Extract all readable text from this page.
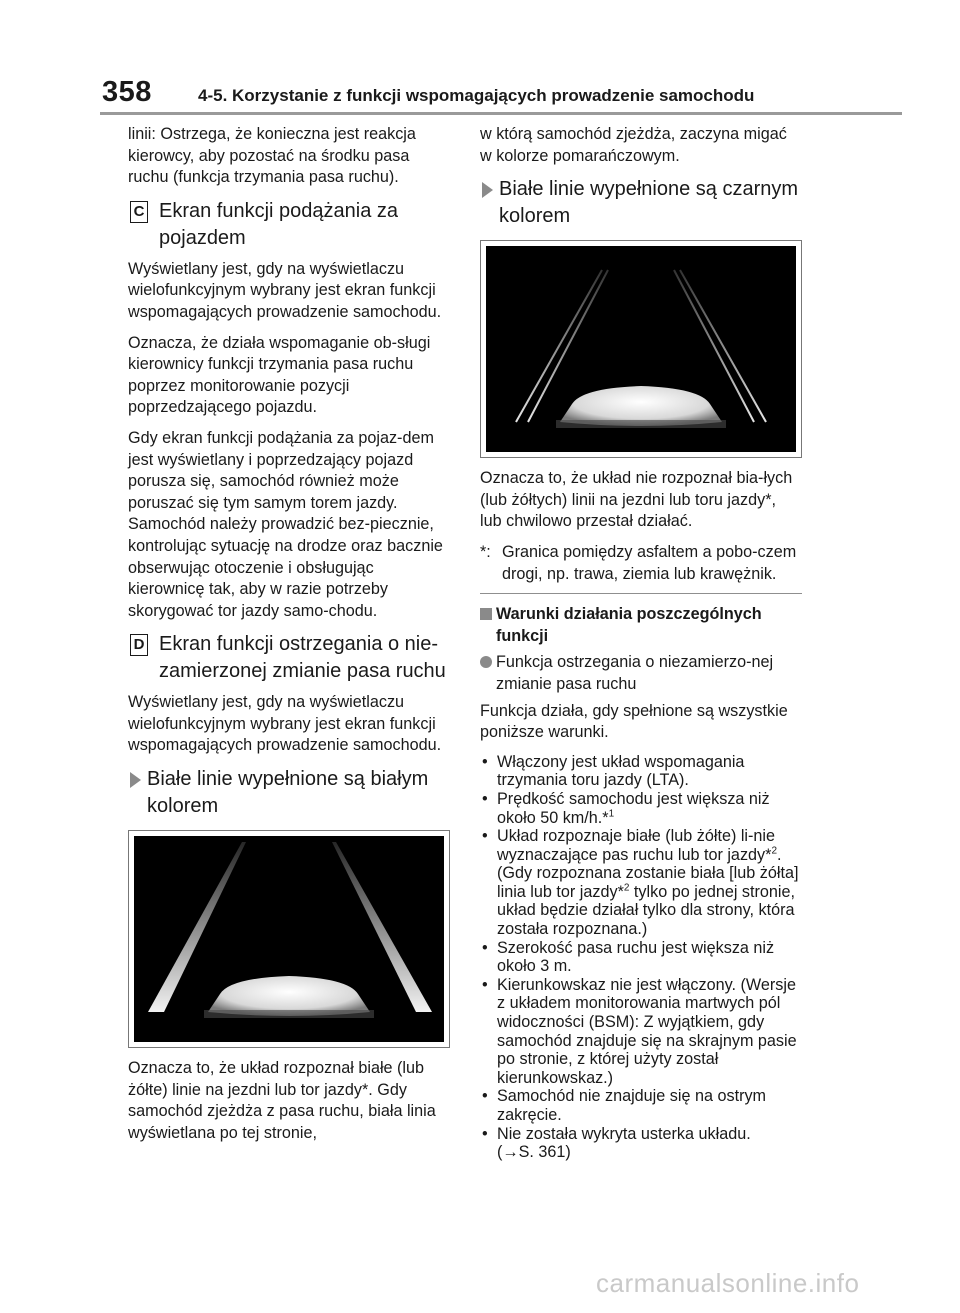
358	4-5. Korzystanie z funkcji wspomagających prowadzenie samochodu

linii: Ostrzega, że konieczna jest reakcja kierowcy, aby pozostać na środku pasa ruchu (funkcja trzymania pasa ruchu).

C Ekran funkcji podążania za pojazdem

Wyświetlany jest, gdy na wyświetlaczu wielofunkcyjnym wybrany jest ekran funkcji wspomagających prowadzenie samochodu.

Oznacza, że działa wspomaganie ob-sługi kierownicy funkcji trzymania pasa ruchu poprzez monitorowanie pozycji poprzedzającego pojazdu.

Gdy ekran funkcji podążania za pojaz-dem jest wyświetlany i poprzedzający pojazd porusza się, samochód również może poruszać się tym samym torem jazdy. Samochód należy prowadzić bez-piecznie, kontrolując sytuację na drodze oraz bacznie obserwując otoczenie i obsługując kierownicę tak, aby w razie potrzeby skorygować tor jazdy samo-chodu.

D Ekran funkcji ostrzegania o nie-zamierzonej zmianie pasa ruchu

Wyświetlany jest, gdy na wyświetlaczu wielofunkcyjnym wybrany jest ekran funkcji wspomagających prowadzenie samochodu.

Białe linie wypełnione są białym kolorem

Oznacza to, że układ rozpoznał białe (lub żółte) linie na jezdni lub tor jazdy*. Gdy samochód zjeżdża z pasa ruchu, biała linia wyświetlana po tej stronie,

w którą samochód zjeżdża, zaczyna migać w kolorze pomarańczowym.

Białe linie wypełnione są czarnym kolorem

Oznacza to, że układ nie rozpoznał bia-łych (lub żółtych) linii na jezdni lub toru jazdy*, lub chwilowo przestał działać.

*: Granica pomiędzy asfaltem a pobo-czem drogi, np. trawa, ziemia lub krawężnik.
Warunki działania poszczególnych funkcji
Funkcja ostrzegania o niezamierzo-nej zmianie pasa ruchu

Funkcja działa, gdy spełnione są wszystkie poniższe warunki.

• Włączony jest układ wspomagania trzymania toru jazdy (LTA).
• Prędkość samochodu jest większa niż około 50 km/h.*$^1$
• Układ rozpoznaje białe (lub żółte) li-nie wyznaczające pas ruchu lub tor jazdy*$^2$. (Gdy rozpoznana zostanie biała [lub żółta] linia lub tor jazdy*$^2$ tylko po jednej stronie, układ będzie działał tylko dla strony, która została rozpoznana.)
• Szerokość pasa ruchu jest większa niż około 3 m.
• Kierunkowskaz nie jest włączony. (Wersje z układem monitorowania martwych pól widoczności (BSM): Z wyjątkiem, gdy samochód znajduje się na skrajnym pasie po stronie, z której użyty został kierunkowskaz.)
• Samochód nie znajduje się na ostrym zakręcie.
• Nie została wykryta usterka układu. (→S. 361)
carmanualsonline.info
